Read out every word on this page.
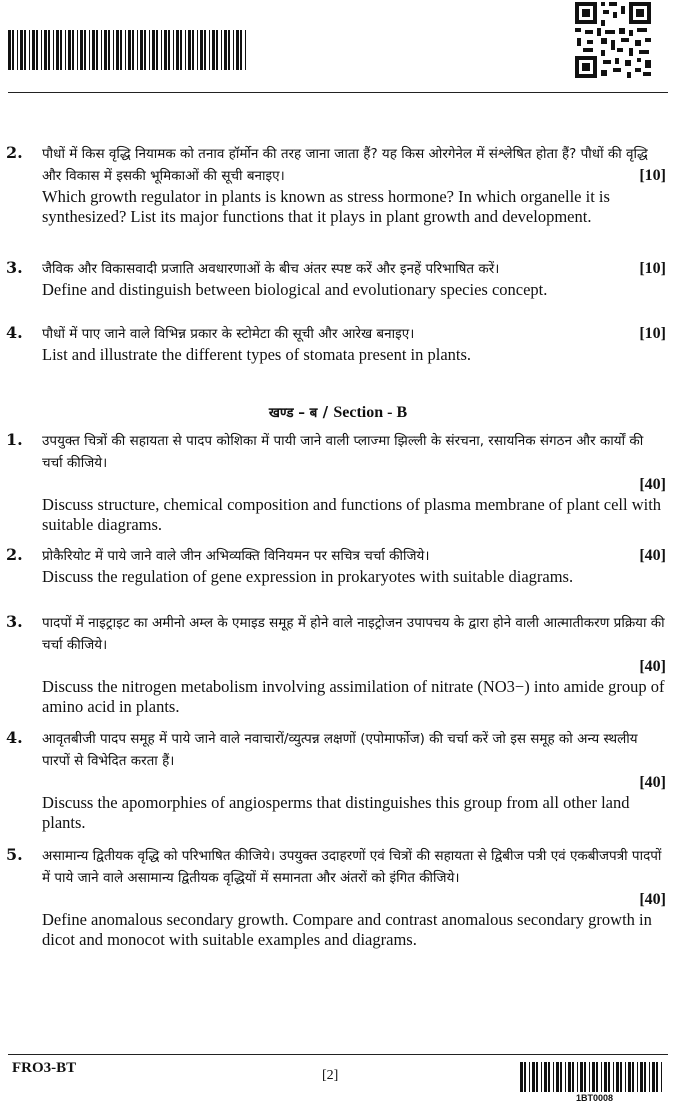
2.	पौधों में किस वृद्धि नियामक को तनाव हॉर्मोन की तरह जाना जाता हैं? यह किस ओरगेनेल में संश्लेषित होता हैं? पौधों की वृद्धि और विकास में इसकी भूमिकाओं की सूची बनाइए।	[10]
Which growth regulator in plants is known as stress hormone? In which organelle it is synthesized? List its major functions that it plays in plant growth and development.
3.	जैविक और विकासवादी प्रजाति अवधारणाओं के बीच अंतर स्पष्ट करें और इनहें परिभाषित करें।	[10]
Define and distinguish between biological and evolutionary species concept.
4.	पौधों में पाए जाने वाले विभिन्न प्रकार के स्टोमेटा की सूची और आरेख बनाइए।	[10]
List and illustrate the different types of stomata present in plants.
खण्ड – ब / Section - B
1.	उपयुक्त चित्रों की सहायता से पादप कोशिका में पायी जाने वाली प्लाज्मा झिल्ली के संरचना, रसायनिक संगठन और कार्यों की चर्चा कीजिये।
[40]
Discuss structure, chemical composition and functions of plasma membrane of plant cell with suitable diagrams.
2.	प्रोकैरियोट में पाये जाने वाले जीन अभिव्यक्ति विनियमन पर सचित्र चर्चा कीजिये।	[40]
Discuss the regulation of gene expression in prokaryotes with suitable diagrams.
3.	पादपों में नाइट्राइट का अमीनो अम्ल के एमाइड समूह में होने वाले नाइट्रोजन उपापचय के द्वारा होने वाली आत्मातीकरण प्रक्रिया की चर्चा कीजिये।
[40]
Discuss the nitrogen metabolism involving assimilation of nitrate (NO3−) into amide group of amino acid in plants.
4.	आवृतबीजी पादप समूह में पाये जाने वाले नवाचारों/व्युत्पन्न लक्षणों (एपोमार्फोज) की चर्चा करें जो इस समूह को अन्य स्थलीय पारपों से विभेदित करता हैं।
[40]
Discuss the apomorphies of angiosperms that distinguishes this group from all other land plants.
5.	असामान्य द्वितीयक वृद्धि को परिभाषित कीजिये। उपयुक्त उदाहरणों एवं चित्रों की सहायता से द्विबीज पत्री एवं एकबीजपत्री पादपों में पाये जाने वाले असामान्य द्वितीयक वृद्धियों में समानता और अंतरों को इंगित कीजिये।
[40]
Define anomalous secondary growth. Compare and contrast anomalous secondary growth in dicot and monocot with suitable examples and diagrams.
FRO3-BT	[2]
1BT0008
